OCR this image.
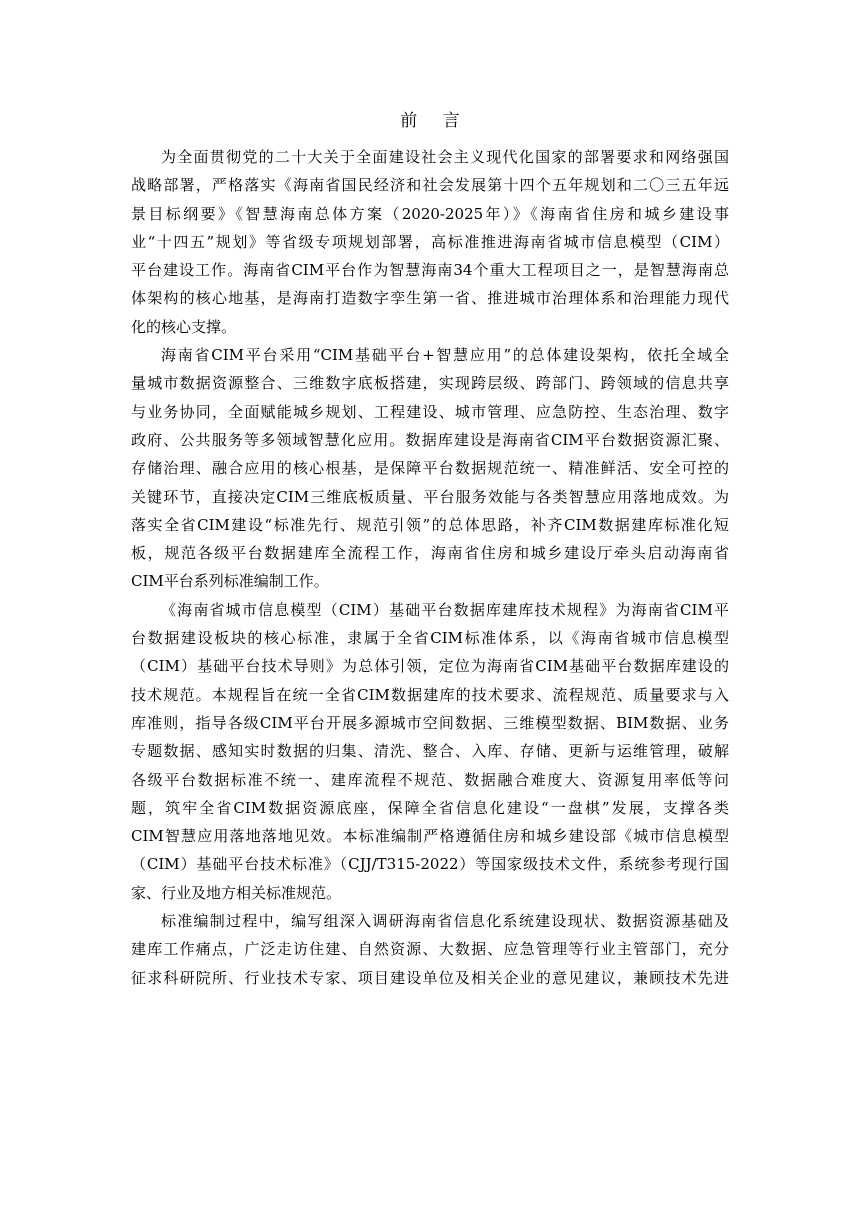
前 言
为全面贯彻党的二十大关于全面建设社会主义现代化国家的部署要求和网络强国
战略部署，严格落实《海南省国民经济和社会发展第十四个五年规划和二〇三五年远
景目标纲要》《智慧海南总体方案（2020-2025年）》《海南省住房和城乡建设事
业“十四五”规划》等省级专项规划部署，高标准推进海南省城市信息模型（CIM）
平台建设工作。海南省CIM平台作为智慧海南34个重大工程项目之一，是智慧海南总
体架构的核心地基，是海南打造数字孪生第一省、推进城市治理体系和治理能力现代
化的核心支撑。
海南省CIM平台采用“CIM基础平台+智慧应用”的总体建设架构，依托全域全
量城市数据资源整合、三维数字底板搭建，实现跨层级、跨部门、跨领域的信息共享
与业务协同，全面赋能城乡规划、工程建设、城市管理、应急防控、生态治理、数字
政府、公共服务等多领域智慧化应用。数据库建设是海南省CIM平台数据资源汇聚、
存储治理、融合应用的核心根基，是保障平台数据规范统一、精准鲜活、安全可控的
关键环节，直接决定CIM三维底板质量、平台服务效能与各类智慧应用落地成效。为
落实全省CIM建设“标准先行、规范引领”的总体思路，补齐CIM数据建库标准化短
板，规范各级平台数据建库全流程工作，海南省住房和城乡建设厅牵头启动海南省
CIM平台系列标准编制工作。
《海南省城市信息模型（CIM）基础平台数据库建库技术规程》为海南省CIM平
台数据建设板块的核心标准，隶属于全省CIM标准体系，以《海南省城市信息模型
（CIM）基础平台技术导则》为总体引领，定位为海南省CIM基础平台数据库建设的
技术规范。本规程旨在统一全省CIM数据建库的技术要求、流程规范、质量要求与入
库准则，指导各级CIM平台开展多源城市空间数据、三维模型数据、BIM数据、业务
专题数据、感知实时数据的归集、清洗、整合、入库、存储、更新与运维管理，破解
各级平台数据标准不统一、建库流程不规范、数据融合难度大、资源复用率低等问
题，筑牢全省CIM数据资源底座，保障全省信息化建设“一盘棋”发展，支撑各类
CIM智慧应用落地落地见效。本标准编制严格遵循住房和城乡建设部《城市信息模型
（CIM）基础平台技术标准》（CJJ/T315-2022）等国家级技术文件，系统参考现行国
家、行业及地方相关标准规范。
标准编制过程中，编写组深入调研海南省信息化系统建设现状、数据资源基础及
建库工作痛点，广泛走访住建、自然资源、大数据、应急管理等行业主管部门，充分
征求科研院所、行业技术专家、项目建设单位及相关企业的意见建议，兼顾技术先进
